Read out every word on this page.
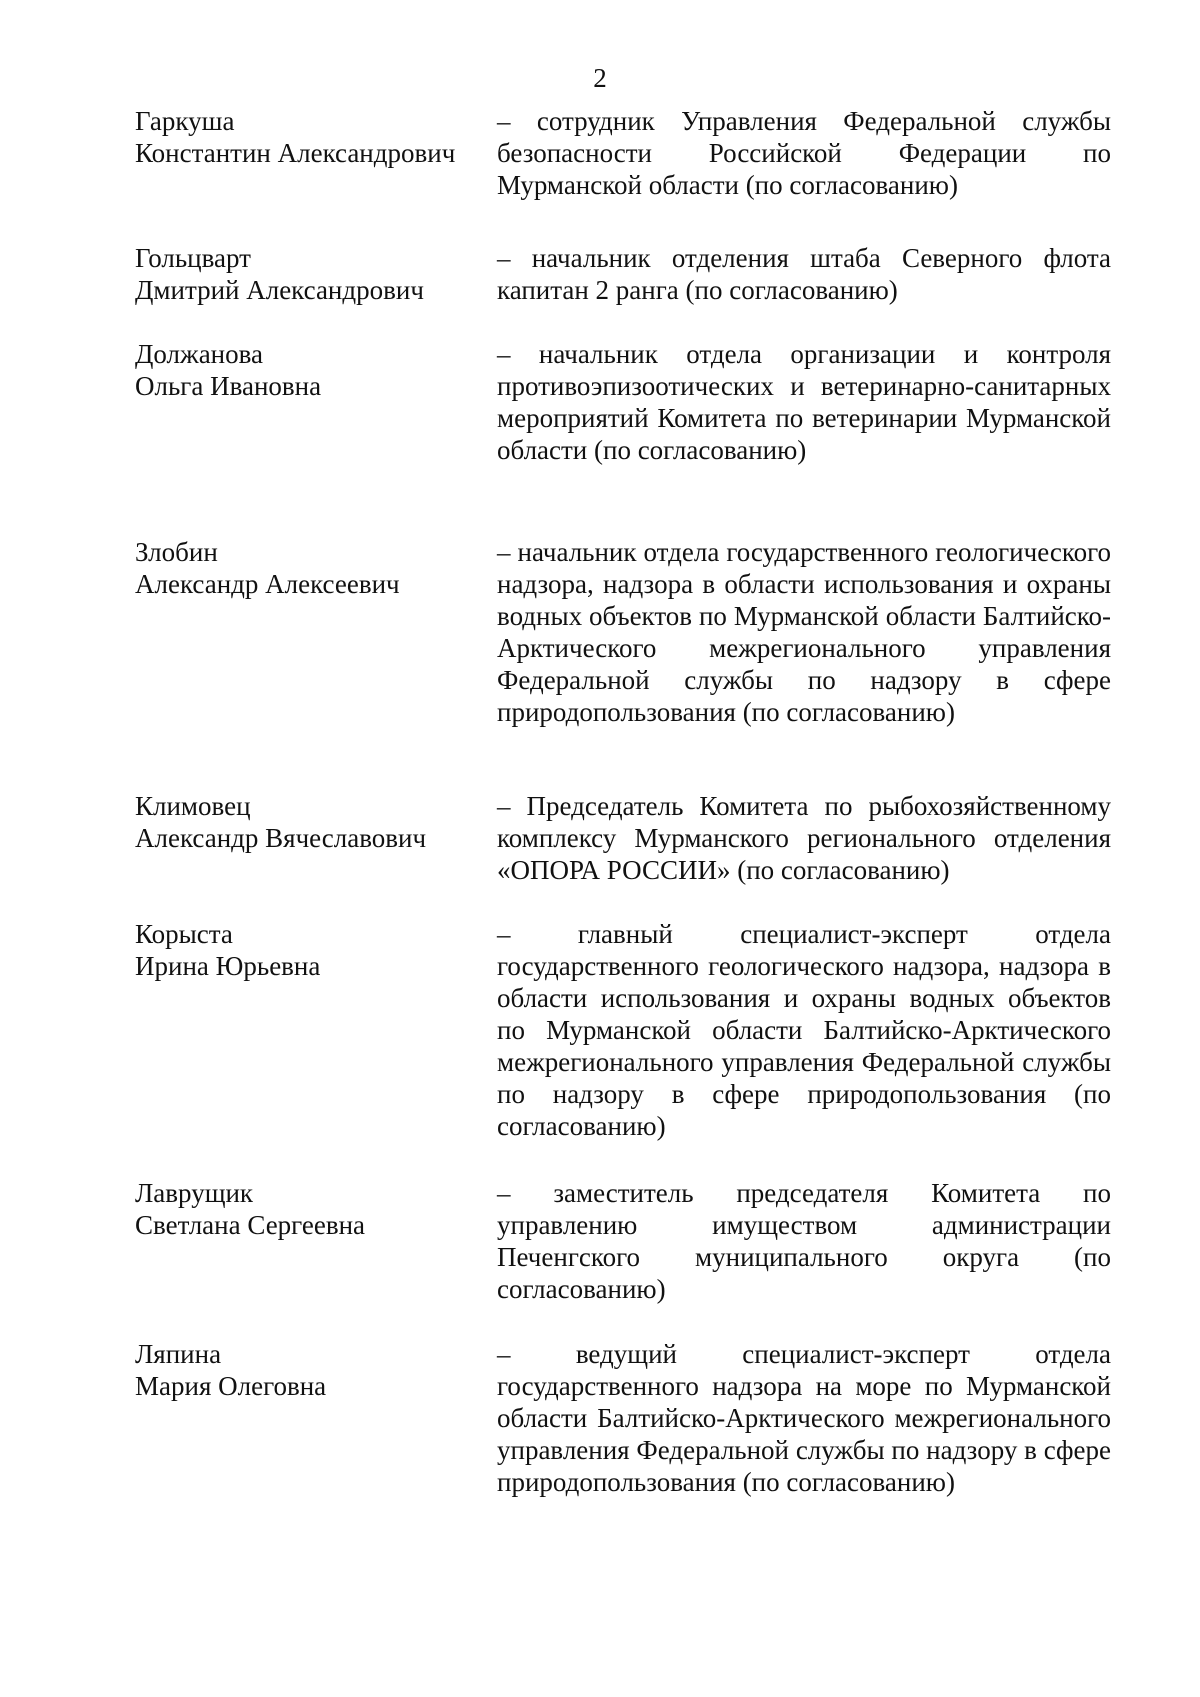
2
Гаркуша
Константин Александрович
– сотрудник Управления Федеральной службы безопасности Российской Федерации по Мурманской области (по согласованию)
Гольцварт
Дмитрий Александрович
– начальник отделения штаба Северного флота капитан 2 ранга (по согласованию)
Должанова
Ольга Ивановна
– начальник отдела организации и контроля противоэпизоотических и ветеринарно-санитарных мероприятий Комитета по ветеринарии Мурманской области (по согласованию)
Злобин
Александр Алексеевич
– начальник отдела государственного геологического надзора, надзора в области использования и охраны водных объектов по Мурманской области Балтийско-Арктического межрегионального управления Федеральной службы по надзору в сфере природопользования (по согласованию)
Климовец
Александр Вячеславович
– Председатель Комитета по рыбохозяйственному комплексу Мурманского регионального отделения «ОПОРА РОССИИ» (по согласованию)
Корыста
Ирина Юрьевна
– главный специалист-эксперт отдела государственного геологического надзора, надзора в области использования и охраны водных объектов по Мурманской области Балтийско-Арктического межрегионального управления Федеральной службы по надзору в сфере природопользования (по согласованию)
Лаврущик
Светлана Сергеевна
– заместитель председателя Комитета по управлению имуществом администрации Печенгского муниципального округа (по согласованию)
Ляпина
Мария Олеговна
– ведущий специалист-эксперт отдела государственного надзора на море по Мурманской области Балтийско-Арктического межрегионального управления Федеральной службы по надзору в сфере природопользования (по согласованию)
